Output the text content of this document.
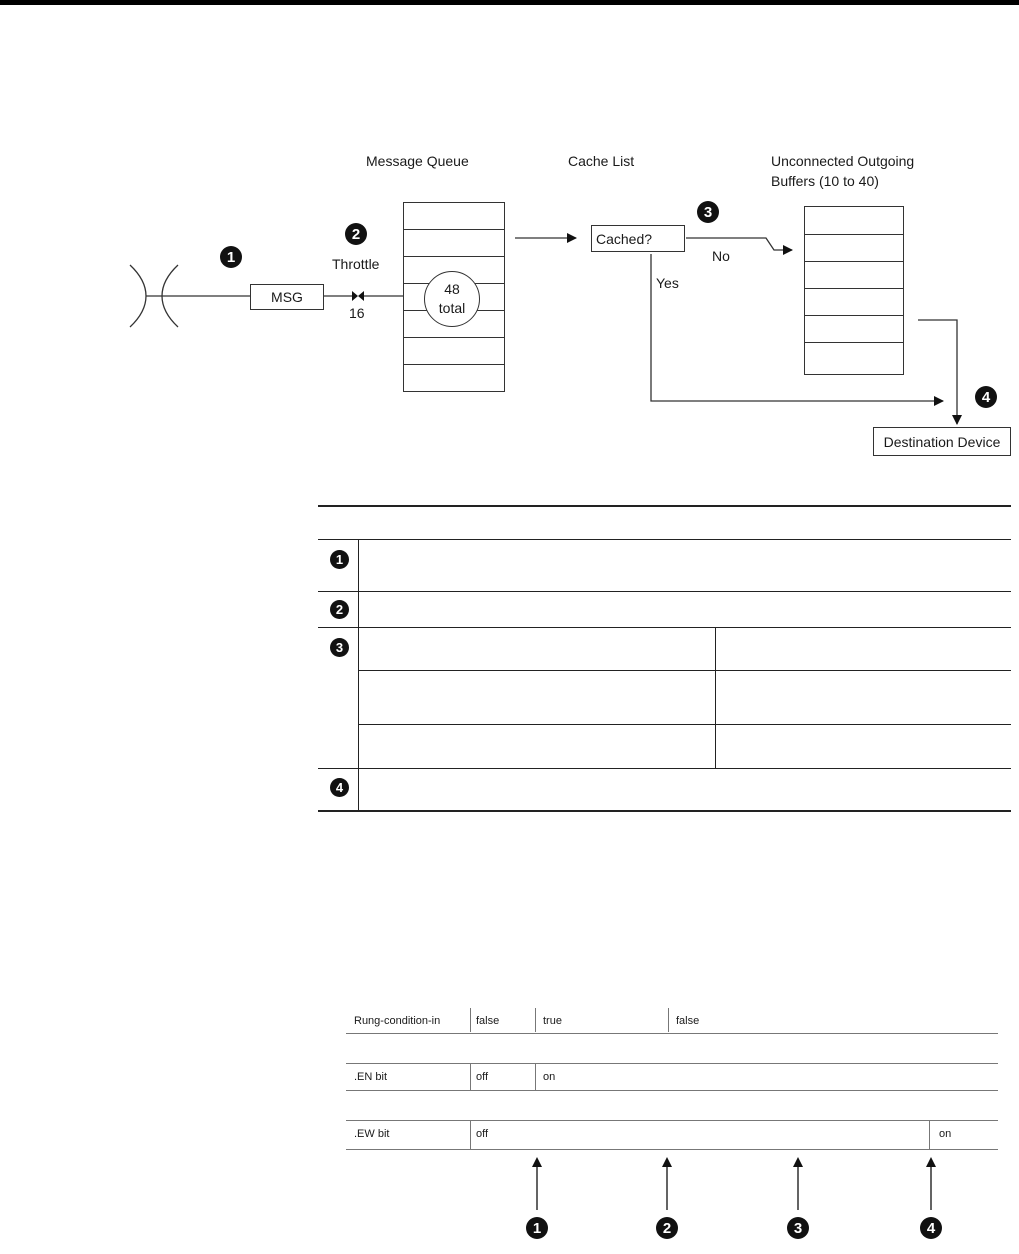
Message Queue	Cache List	Unconnected Outgoing
Buffers (10 to 40)
1
MSG
2
Throttle
16
48
total
Cached?
3
No
Yes
4
Destination Device
1
2
3
4
Rung-condition-in	false	true	false
.EN bit	off	on
.EW bit	off	on
1	2	3	4
